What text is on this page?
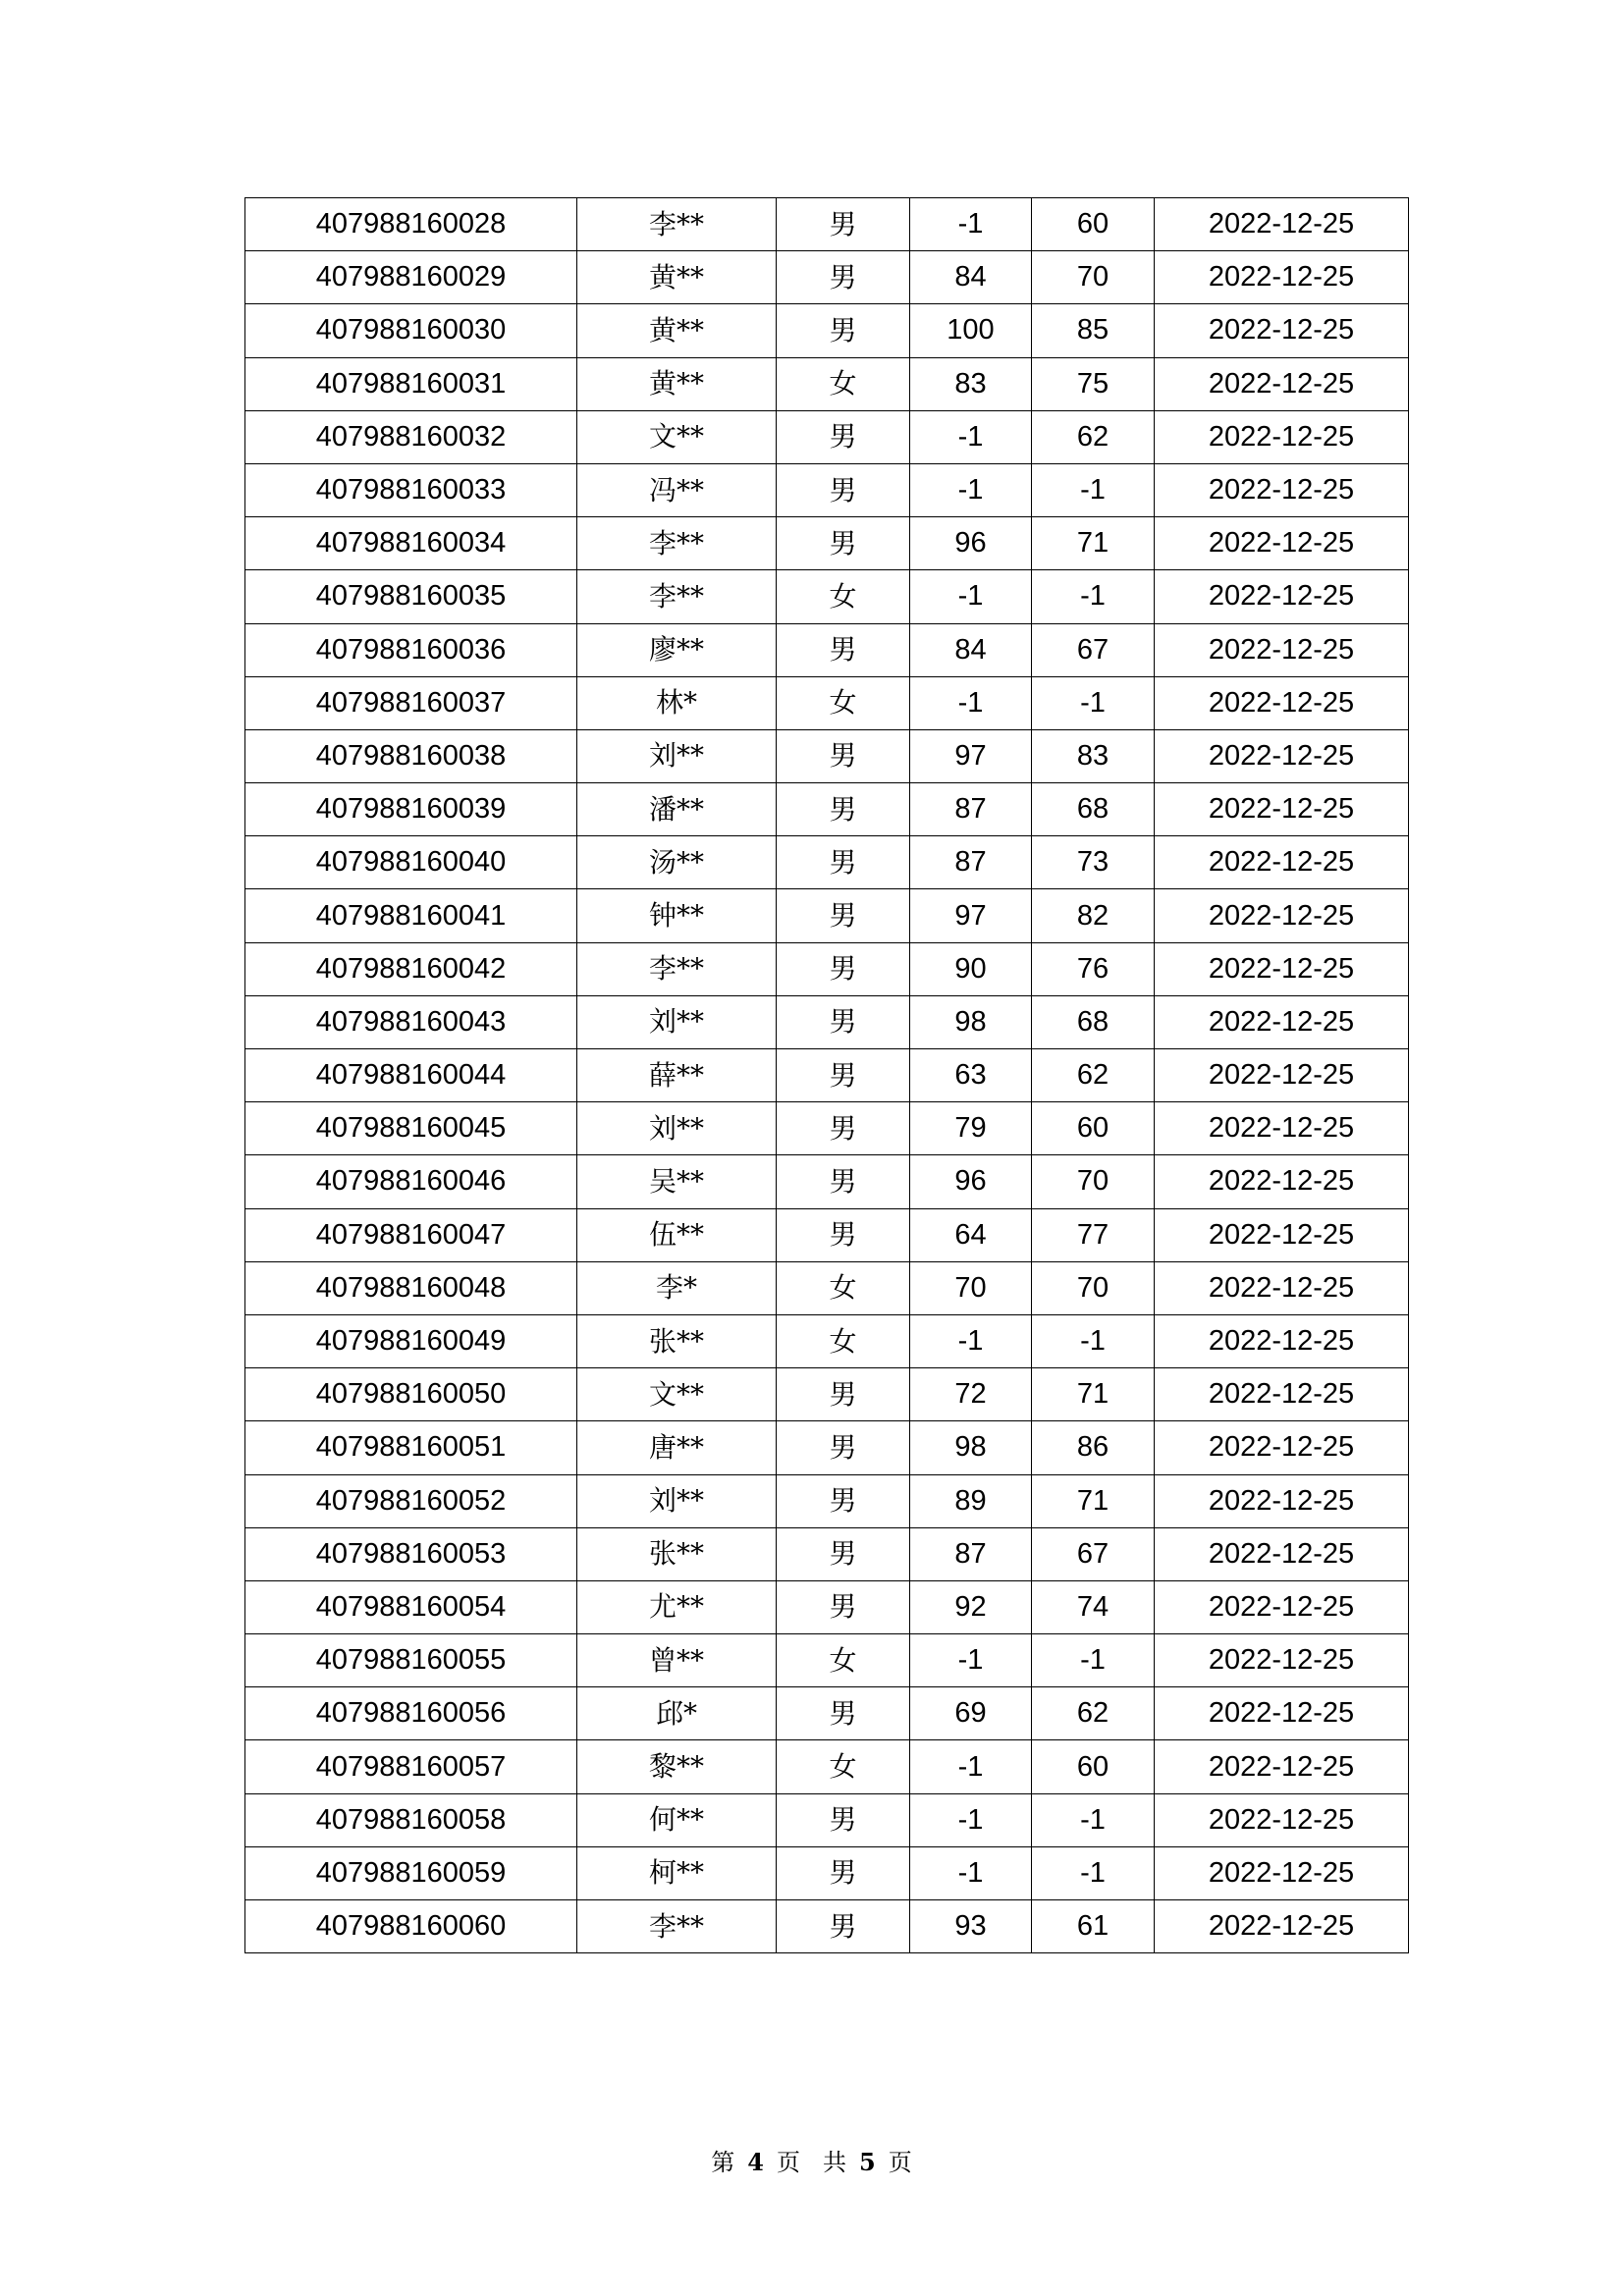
407988160028	李**	男	-1	60	2022-12-25
407988160029	黄**	男	84	70	2022-12-25
407988160030	黄**	男	100	85	2022-12-25
407988160031	黄**	女	83	75	2022-12-25
407988160032	文**	男	-1	62	2022-12-25
407988160033	冯**	男	-1	-1	2022-12-25
407988160034	李**	男	96	71	2022-12-25
407988160035	李**	女	-1	-1	2022-12-25
407988160036	廖**	男	84	67	2022-12-25
407988160037	林*	女	-1	-1	2022-12-25
407988160038	刘**	男	97	83	2022-12-25
407988160039	潘**	男	87	68	2022-12-25
407988160040	汤**	男	87	73	2022-12-25
407988160041	钟**	男	97	82	2022-12-25
407988160042	李**	男	90	76	2022-12-25
407988160043	刘**	男	98	68	2022-12-25
407988160044	薛**	男	63	62	2022-12-25
407988160045	刘**	男	79	60	2022-12-25
407988160046	吴**	男	96	70	2022-12-25
407988160047	伍**	男	64	77	2022-12-25
407988160048	李*	女	70	70	2022-12-25
407988160049	张**	女	-1	-1	2022-12-25
407988160050	文**	男	72	71	2022-12-25
407988160051	唐**	男	98	86	2022-12-25
407988160052	刘**	男	89	71	2022-12-25
407988160053	张**	男	87	67	2022-12-25
407988160054	尤**	男	92	74	2022-12-25
407988160055	曾**	女	-1	-1	2022-12-25
407988160056	邱*	男	69	62	2022-12-25
407988160057	黎**	女	-1	60	2022-12-25
407988160058	何**	男	-1	-1	2022-12-25
407988160059	柯**	男	-1	-1	2022-12-25
407988160060	李**	男	93	61	2022-12-25
第 4 页 共 5 页
